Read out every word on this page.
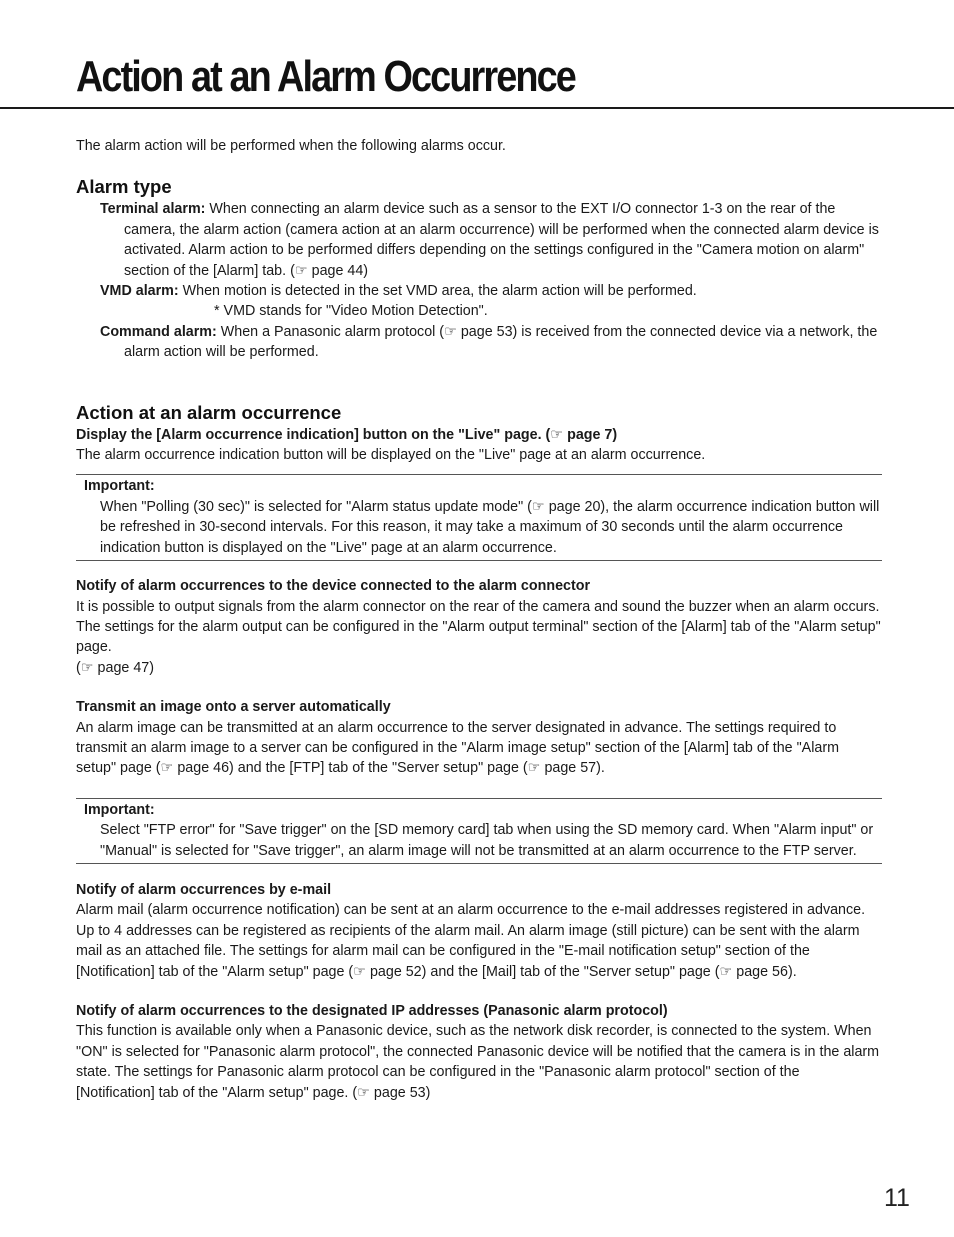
Action at an Alarm Occurrence

The alarm action will be performed when the following alarms occur.

Alarm type

Terminal alarm: When connecting an alarm device such as a sensor to the EXT I/O connector 1-3 on the rear of the camera, the alarm action (camera action at an alarm occurrence) will be performed when the connected alarm device is activated. Alarm action to be performed differs depending on the settings configured in the "Camera motion on alarm" section of the [Alarm] tab. (☞ page 44)

VMD alarm: When motion is detected in the set VMD area, the alarm action will be performed.

* VMD stands for "Video Motion Detection".

Command alarm: When a Panasonic alarm protocol (☞ page 53) is received from the connected device via a network, the alarm action will be performed.

Action at an alarm occurrence

Display the [Alarm occurrence indication] button on the "Live" page. (☞ page 7)

The alarm occurrence indication button will be displayed on the "Live" page at an alarm occurrence.

Important:

When "Polling (30 sec)" is selected for "Alarm status update mode" (☞ page 20), the alarm occurrence indication button will be refreshed in 30-second intervals. For this reason, it may take a maximum of 30 seconds until the alarm occurrence indication button is displayed on the "Live" page at an alarm occurrence.

Notify of alarm occurrences to the device connected to the alarm connector

It is possible to output signals from the alarm connector on the rear of the camera and sound the buzzer when an alarm occurs. The settings for the alarm output can be configured in the "Alarm output terminal" section of the [Alarm] tab of the "Alarm setup" page.

(☞ page 47)

Transmit an image onto a server automatically

An alarm image can be transmitted at an alarm occurrence to the server designated in advance. The settings required to transmit an alarm image to a server can be configured in the "Alarm image setup" section of the [Alarm] tab of the "Alarm setup" page (☞ page 46) and the [FTP] tab of the "Server setup" page (☞ page 57).

Important:

Select "FTP error" for "Save trigger" on the [SD memory card] tab when using the SD memory card. When "Alarm input" or "Manual" is selected for "Save trigger", an alarm image will not be transmitted at an alarm occurrence to the FTP server.

Notify of alarm occurrences by e-mail

Alarm mail (alarm occurrence notification) can be sent at an alarm occurrence to the e-mail addresses registered in advance. Up to 4 addresses can be registered as recipients of the alarm mail. An alarm image (still picture) can be sent with the alarm mail as an attached file. The settings for alarm mail can be configured in the "E-mail notification setup" section of the [Notification] tab of the "Alarm setup" page (☞ page 52) and the [Mail] tab of the "Server setup" page (☞ page 56).

Notify of alarm occurrences to the designated IP addresses (Panasonic alarm protocol)

This function is available only when a Panasonic device, such as the network disk recorder, is connected to the system. When "ON" is selected for "Panasonic alarm protocol", the connected Panasonic device will be notified that the camera is in the alarm state. The settings for Panasonic alarm protocol can be configured in the "Panasonic alarm protocol" section of the [Notification] tab of the "Alarm setup" page. (☞ page 53)

11
